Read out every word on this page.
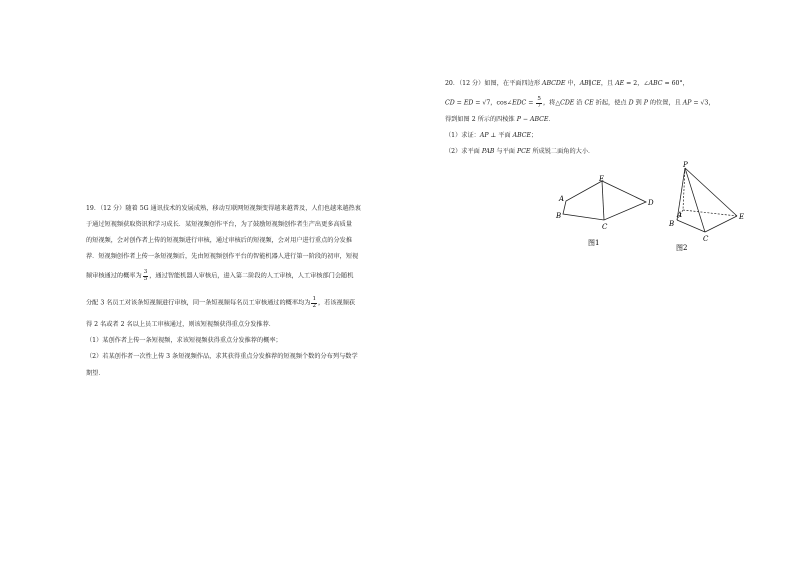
19．（12 分）随着 5G 通讯技术的发展成熟，移动互联网短视频变得越来越普及，人们也越来越热衷
于通过短视频获取资讯和学习成长．某短视频创作平台，为了鼓励短视频创作者生产出更多高质量
的短视频，会对创作者上传的短视频进行审核，通过审核后的短视频，会对用户进行重点的分发推
荐．短视频创作者上传一条短视频后，先由短视频创作平台的智能机器人进行第一阶段的初审，短视
频审核通过的概率为 $\frac{3}{5}$ ，通过智能机器人审核后，进入第二阶段的人工审核，人工审核部门会随机
分配 3 名员工对该条短视频进行审核，同一条短视频每名员工审核通过的概率均为 $\frac{1}{2}$ ，若该视频获
得 2 名或者 2 名以上员工审核通过，则该短视频获得重点分发推荐．
（1）某创作者上传一条短视频，求该短视频获得重点分发推荐的概率；
（2）若某创作者一次性上传 3 条短视频作品，求其获得重点分发推荐的短视频个数的分布列与数学
期望．
20．（12 分）如图，在平面四边形 ABCDE 中，AB∥CE，且 AE = 2，∠ABC = 60°，
CD = ED = √7，cos∠EDC = $\frac{5}{7}$ ，将△CDE 沿 CE 折起，使点 D 到 P 的位置，且 AP = √3，
得到如图 2 所示的四棱锥 P − ABCE．
（1）求证：AP ⊥ 平面 ABCE；
（2）求平面 PAB 与平面 PCE 所成锐二面角的大小．
A
B
C
D
E
图1
P
A
B
C
E
图2
